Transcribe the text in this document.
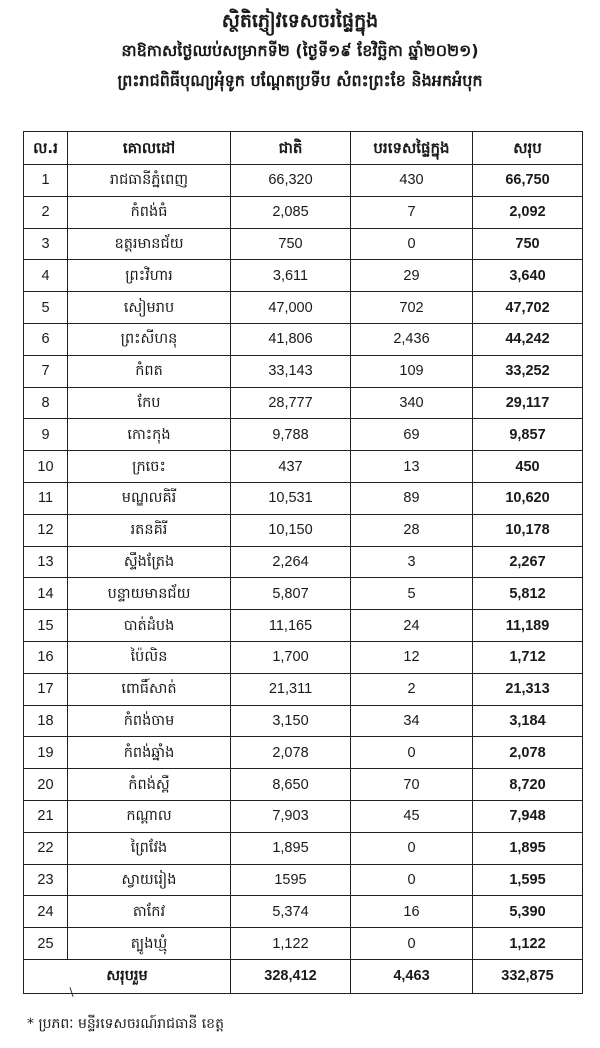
ស្ថិតិភ្ញៀវទេសចរផ្ទៃក្នុង
នាឱកាសថ្ងៃឈប់សម្រាកទី២ (ថ្ងៃទី១៩ ខែវិច្ឆិកា ឆ្នាំ២០២១)
ព្រះរាជពិធីបុណ្យអុំទូក បណ្តែតប្រទីប សំពះព្រះខែ និងអកអំបុក
ល.រ	គោលដៅ	ជាតិ	បរទេសផ្ទៃក្នុង	សរុប
1	រាជធានីភ្នំពេញ	66,320	430	66,750
2	កំពង់ធំ	2,085	7	2,092
3	ឧត្តរមានជ័យ	750	0	750
4	ព្រះវិហារ	3,611	29	3,640
5	សៀមរាប	47,000	702	47,702
6	ព្រះសីហនុ	41,806	2,436	44,242
7	កំពត	33,143	109	33,252
8	កែប	28,777	340	29,117
9	កោះកុង	9,788	69	9,857
10	ក្រចេះ	437	13	450
11	មណ្ឌលគិរី	10,531	89	10,620
12	រតនគិរី	10,150	28	10,178
13	ស្ទឹងត្រែង	2,264	3	2,267
14	បន្ទាយមានជ័យ	5,807	5	5,812
15	បាត់ដំបង	11,165	24	11,189
16	ប៉ៃលិន	1,700	12	1,712
17	ពោធិ៍សាត់	21,311	2	21,313
18	កំពង់ចាម	3,150	34	3,184
19	កំពង់ឆ្នាំង	2,078	0	2,078
20	កំពង់ស្ពឺ	8,650	70	8,720
21	កណ្តាល	7,903	45	7,948
22	ព្រៃវែង	1,895	0	1,895
23	ស្វាយរៀង	1595	0	1,595
24	តាកែវ	5,374	16	5,390
25	ត្បូងឃ្មុំ	1,122	0	1,122
សរុបរួម		328,412	4,463	332,875
* ប្រភពៈ មន្ទីរទេសចរណ៍រាជធានី ខេត្ត
